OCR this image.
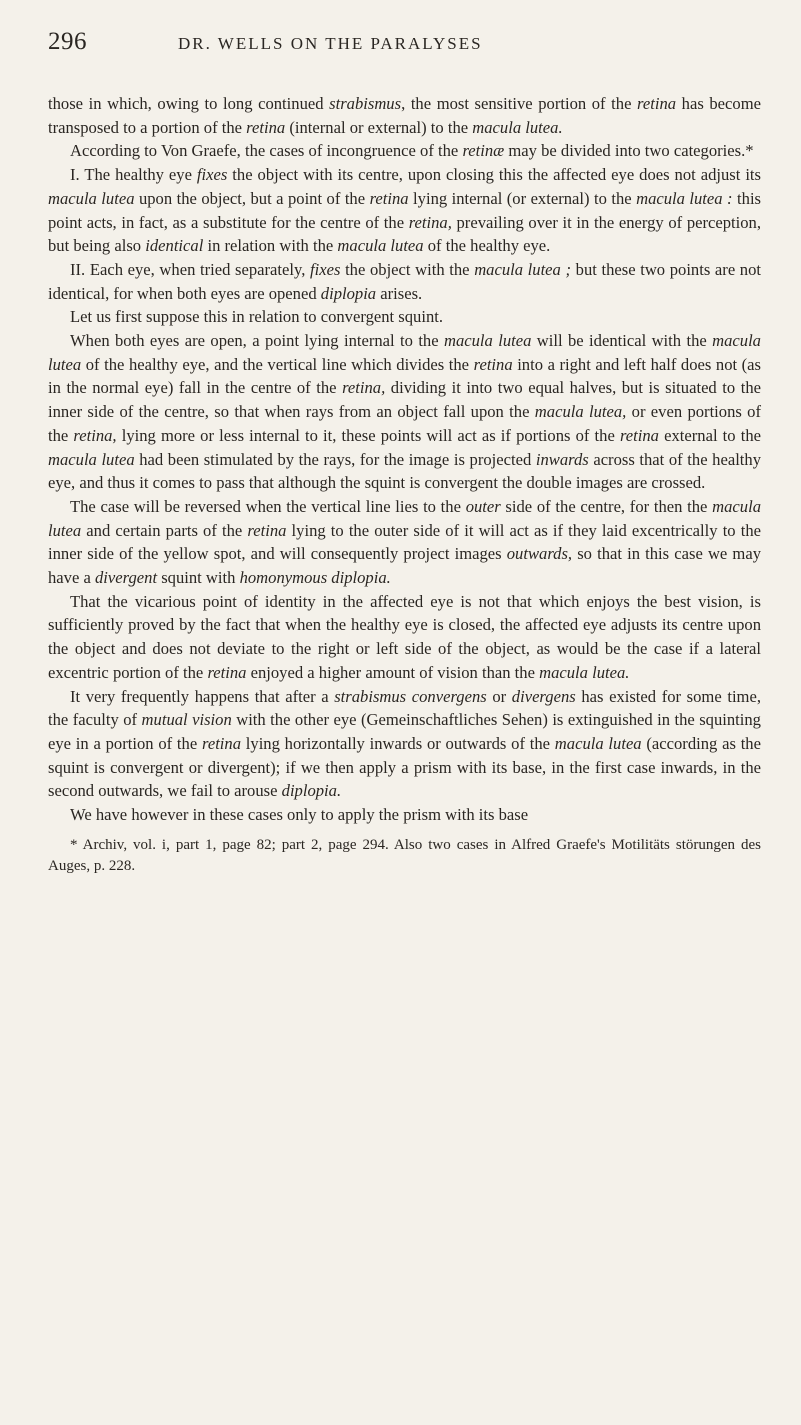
296	DR. WELLS ON THE PARALYSES

those in which, owing to long continued strabismus, the most sensitive portion of the retina has become transposed to a portion of the retina (internal or external) to the macula lutea.

According to Von Graefe, the cases of incongruence of the retinæ may be divided into two categories.*

I. The healthy eye fixes the object with its centre, upon closing this the affected eye does not adjust its macula lutea upon the object, but a point of the retina lying internal (or external) to the macula lutea : this point acts, in fact, as a substitute for the centre of the retina, prevailing over it in the energy of perception, but being also identical in relation with the macula lutea of the healthy eye.

II. Each eye, when tried separately, fixes the object with the macula lutea ; but these two points are not identical, for when both eyes are opened diplopia arises.

Let us first suppose this in relation to convergent squint.

When both eyes are open, a point lying internal to the macula lutea will be identical with the macula lutea of the healthy eye, and the vertical line which divides the retina into a right and left half does not (as in the normal eye) fall in the centre of the retina, dividing it into two equal halves, but is situated to the inner side of the centre, so that when rays from an object fall upon the macula lutea, or even portions of the retina, lying more or less internal to it, these points will act as if portions of the retina external to the macula lutea had been stimulated by the rays, for the image is projected inwards across that of the healthy eye, and thus it comes to pass that although the squint is convergent the double images are crossed.

The case will be reversed when the vertical line lies to the outer side of the centre, for then the macula lutea and certain parts of the retina lying to the outer side of it will act as if they laid excentrically to the inner side of the yellow spot, and will consequently project images outwards, so that in this case we may have a divergent squint with homonymous diplopia.

That the vicarious point of identity in the affected eye is not that which enjoys the best vision, is sufficiently proved by the fact that when the healthy eye is closed, the affected eye adjusts its centre upon the object and does not deviate to the right or left side of the object, as would be the case if a lateral excentric portion of the retina enjoyed a higher amount of vision than the macula lutea.

It very frequently happens that after a strabismus convergens or divergens has existed for some time, the faculty of mutual vision with the other eye (Gemeinschaftliches Sehen) is extinguished in the squinting eye in a portion of the retina lying horizontally inwards or outwards of the macula lutea (according as the squint is convergent or divergent); if we then apply a prism with its base, in the first case inwards, in the second outwards, we fail to arouse diplopia.

We have however in these cases only to apply the prism with its base

* Archiv, vol. i, part 1, page 82; part 2, page 294. Also two cases in Alfred Graefe's Motilitäts störungen des Auges, p. 228.
